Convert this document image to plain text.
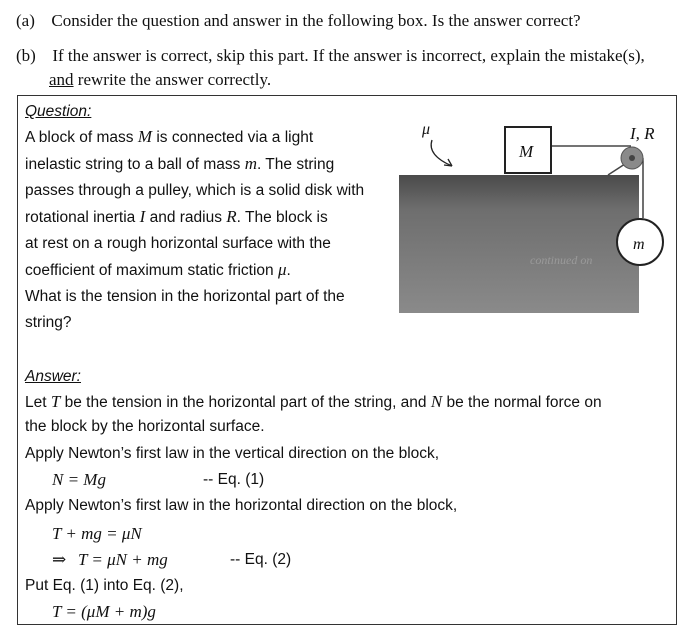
(a) Consider the question and answer in the following box. Is the answer correct?
(b) If the answer is correct, skip this part. If the answer is incorrect, explain the mistake(s),
and rewrite the answer correctly.
Question:
A block of mass M is connected via a light
inelastic string to a ball of mass m. The string
passes through a pulley, which is a solid disk with
rotational inertia I and radius R. The block is
at rest on a rough horizontal surface with the
coefficient of maximum static friction μ.
What is the tension in the horizontal part of the
string?
continued on
M
I, R
m
μ
Answer:
Let T be the tension in the horizontal part of the string, and N be the normal force on
the block by the horizontal surface.
Apply Newton’s first law in the vertical direction on the block,
N = Mg	-- Eq. (1)
Apply Newton’s first law in the horizontal direction on the block,
T + mg = μN
⇒ T = μN + mg	-- Eq. (2)
Put Eq. (1) into Eq. (2),
T = (μM + m)g
